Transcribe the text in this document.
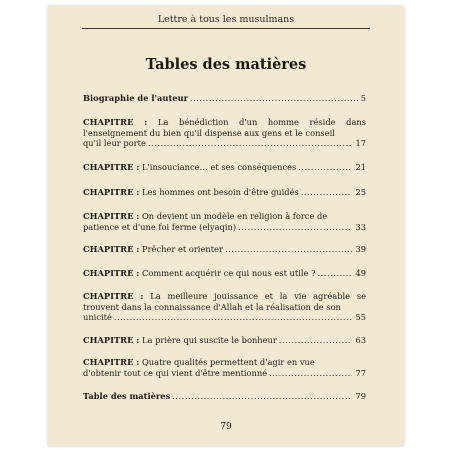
Lettre à tous les musulmans
Tables des matières
Biographie de l'auteur .....	5
CHAPITRE : La bénédiction d'un homme réside dans l'enseignement du bien qu'il dispense aux gens et le conseil
qu'il leur porte .....	17
CHAPITRE :
L'insouciance… et ses conséquences .....	21
CHAPITRE :
Les hommes ont besoin d'être guidés .....	25
CHAPITRE : On devient un modèle en religion à force de
patience et d'une foi ferme (elyaqin) .....	33
CHAPITRE :
Prêcher et orienter .....	39
CHAPITRE :
Comment acquérir ce qui nous est utile ? .....	49
CHAPITRE : La meilleure jouissance et la vie agréable se trouvent dans la connaissance d'Allah et la réalisation de son
unicité .....	55
CHAPITRE :
La prière qui suscite le bonheur .....	63
CHAPITRE : Quatre qualités permettent d'agir en vue
d'obtenir tout ce qui vient d'être mentionné .....	77
Table des matières .....	79
79
